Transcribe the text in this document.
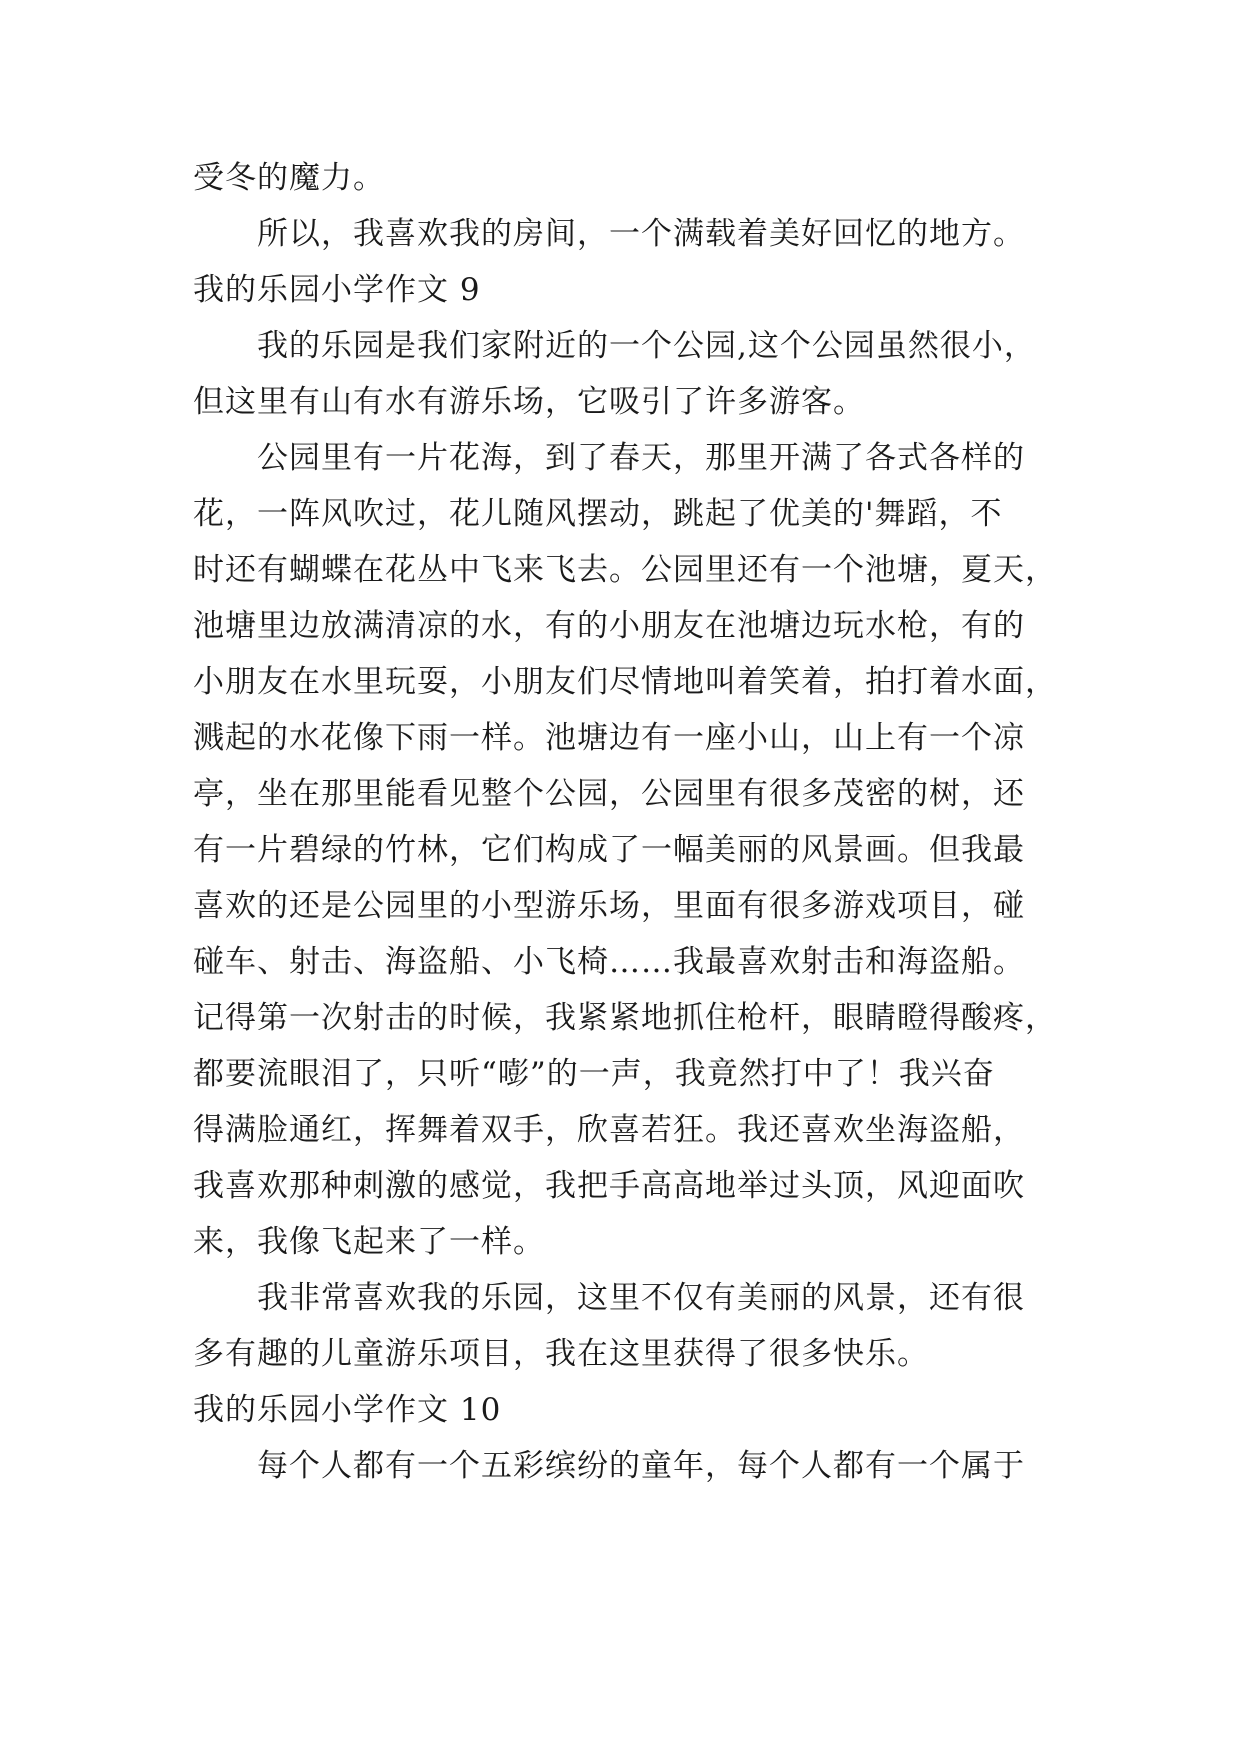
受冬的魔力。
所以，我喜欢我的房间，一个满载着美好回忆的地方。
我的乐园小学作文 9
我的乐园是我们家附近的一个公园,这个公园虽然很小，
但这里有山有水有游乐场，它吸引了许多游客。
公园里有一片花海，到了春天，那里开满了各式各样的
花，一阵风吹过，花儿随风摆动，跳起了优美的'舞蹈，不
时还有蝴蝶在花丛中飞来飞去。公园里还有一个池塘，夏天，
池塘里边放满清凉的水，有的小朋友在池塘边玩水枪，有的
小朋友在水里玩耍，小朋友们尽情地叫着笑着，拍打着水面，
溅起的水花像下雨一样。池塘边有一座小山，山上有一个凉
亭，坐在那里能看见整个公园，公园里有很多茂密的树，还
有一片碧绿的竹林，它们构成了一幅美丽的风景画。但我最
喜欢的还是公园里的小型游乐场，里面有很多游戏项目，碰
碰车、射击、海盗船、小飞椅……我最喜欢射击和海盗船。
记得第一次射击的时候，我紧紧地抓住枪杆，眼睛瞪得酸疼，
都要流眼泪了，只听“嘭”的一声，我竟然打中了！我兴奋
得满脸通红，挥舞着双手，欣喜若狂。我还喜欢坐海盗船，
我喜欢那种刺激的感觉，我把手高高地举过头顶，风迎面吹
来，我像飞起来了一样。
我非常喜欢我的乐园，这里不仅有美丽的风景，还有很
多有趣的儿童游乐项目，我在这里获得了很多快乐。
我的乐园小学作文 10
每个人都有一个五彩缤纷的童年，每个人都有一个属于
